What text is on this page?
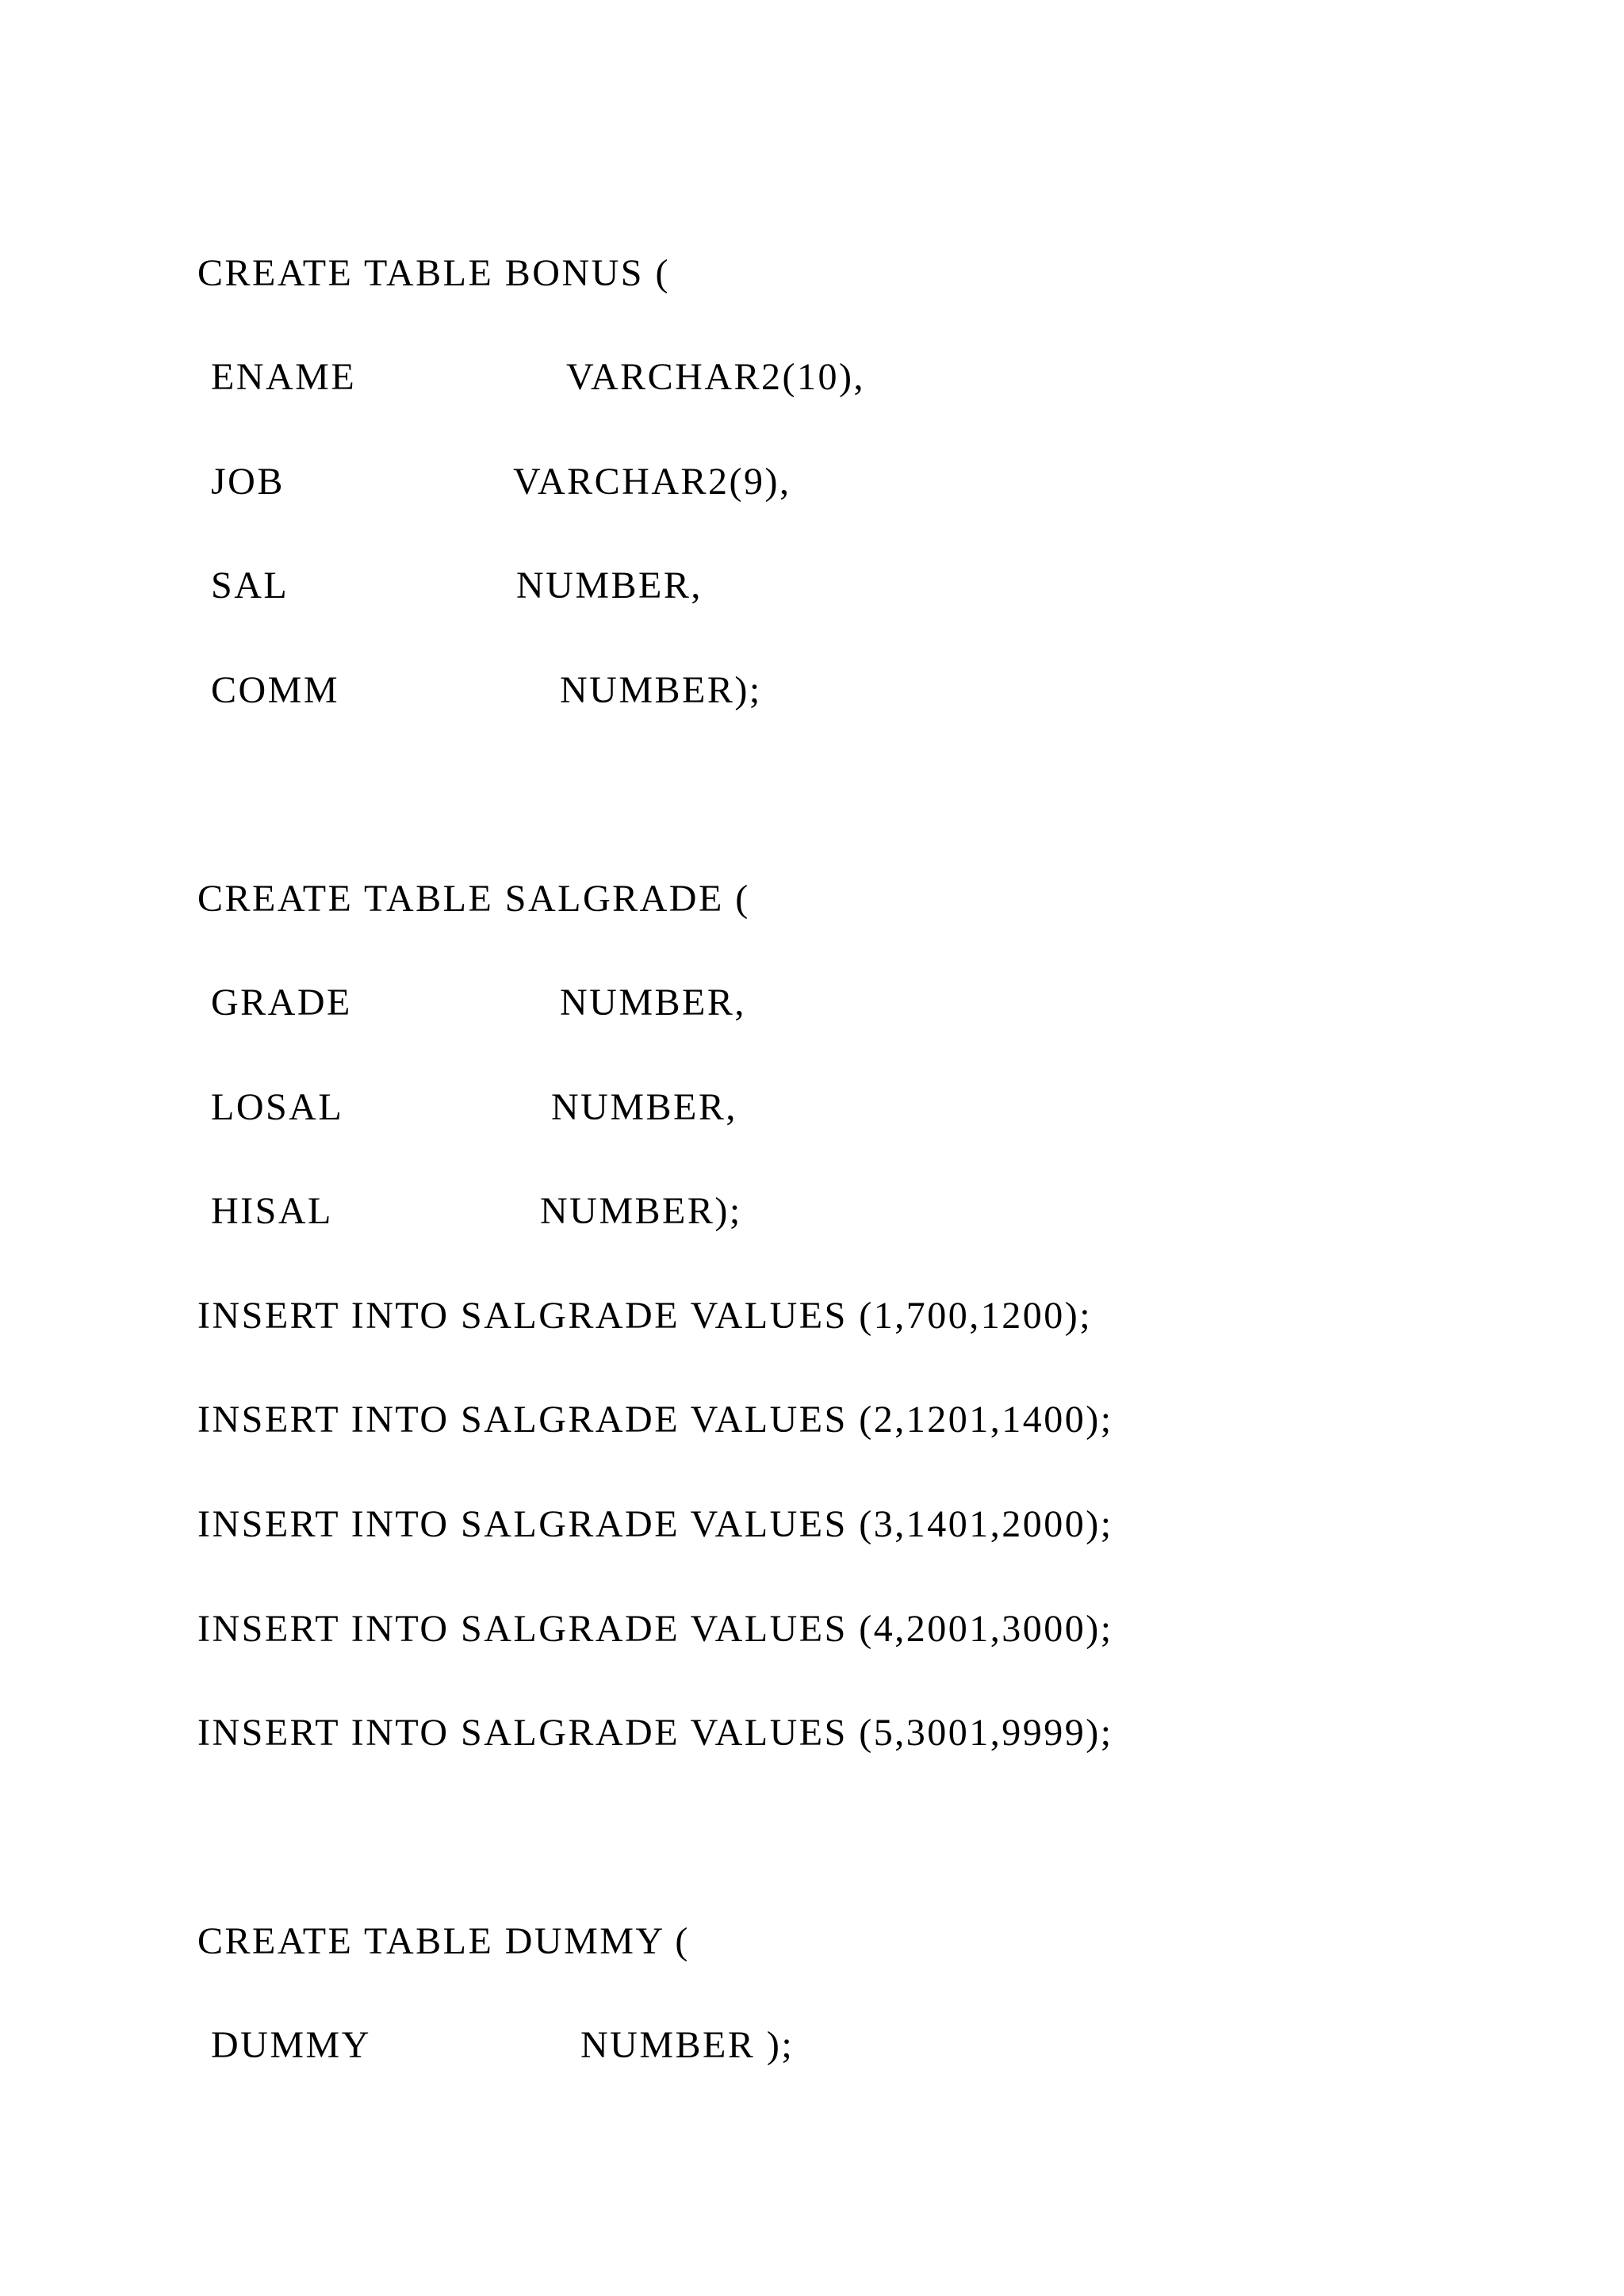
CREATE TABLE BONUS (
ENAME	VARCHAR2(10),
JOB	VARCHAR2(9),
SAL	NUMBER,
COMM	NUMBER);
CREATE TABLE SALGRADE (
GRADE	NUMBER,
LOSAL	NUMBER,
HISAL	NUMBER);
INSERT INTO SALGRADE VALUES (1,700,1200);
INSERT INTO SALGRADE VALUES (2,1201,1400);
INSERT INTO SALGRADE VALUES (3,1401,2000);
INSERT INTO SALGRADE VALUES (4,2001,3000);
INSERT INTO SALGRADE VALUES (5,3001,9999);
CREATE TABLE DUMMY (
DUMMY	NUMBER );
